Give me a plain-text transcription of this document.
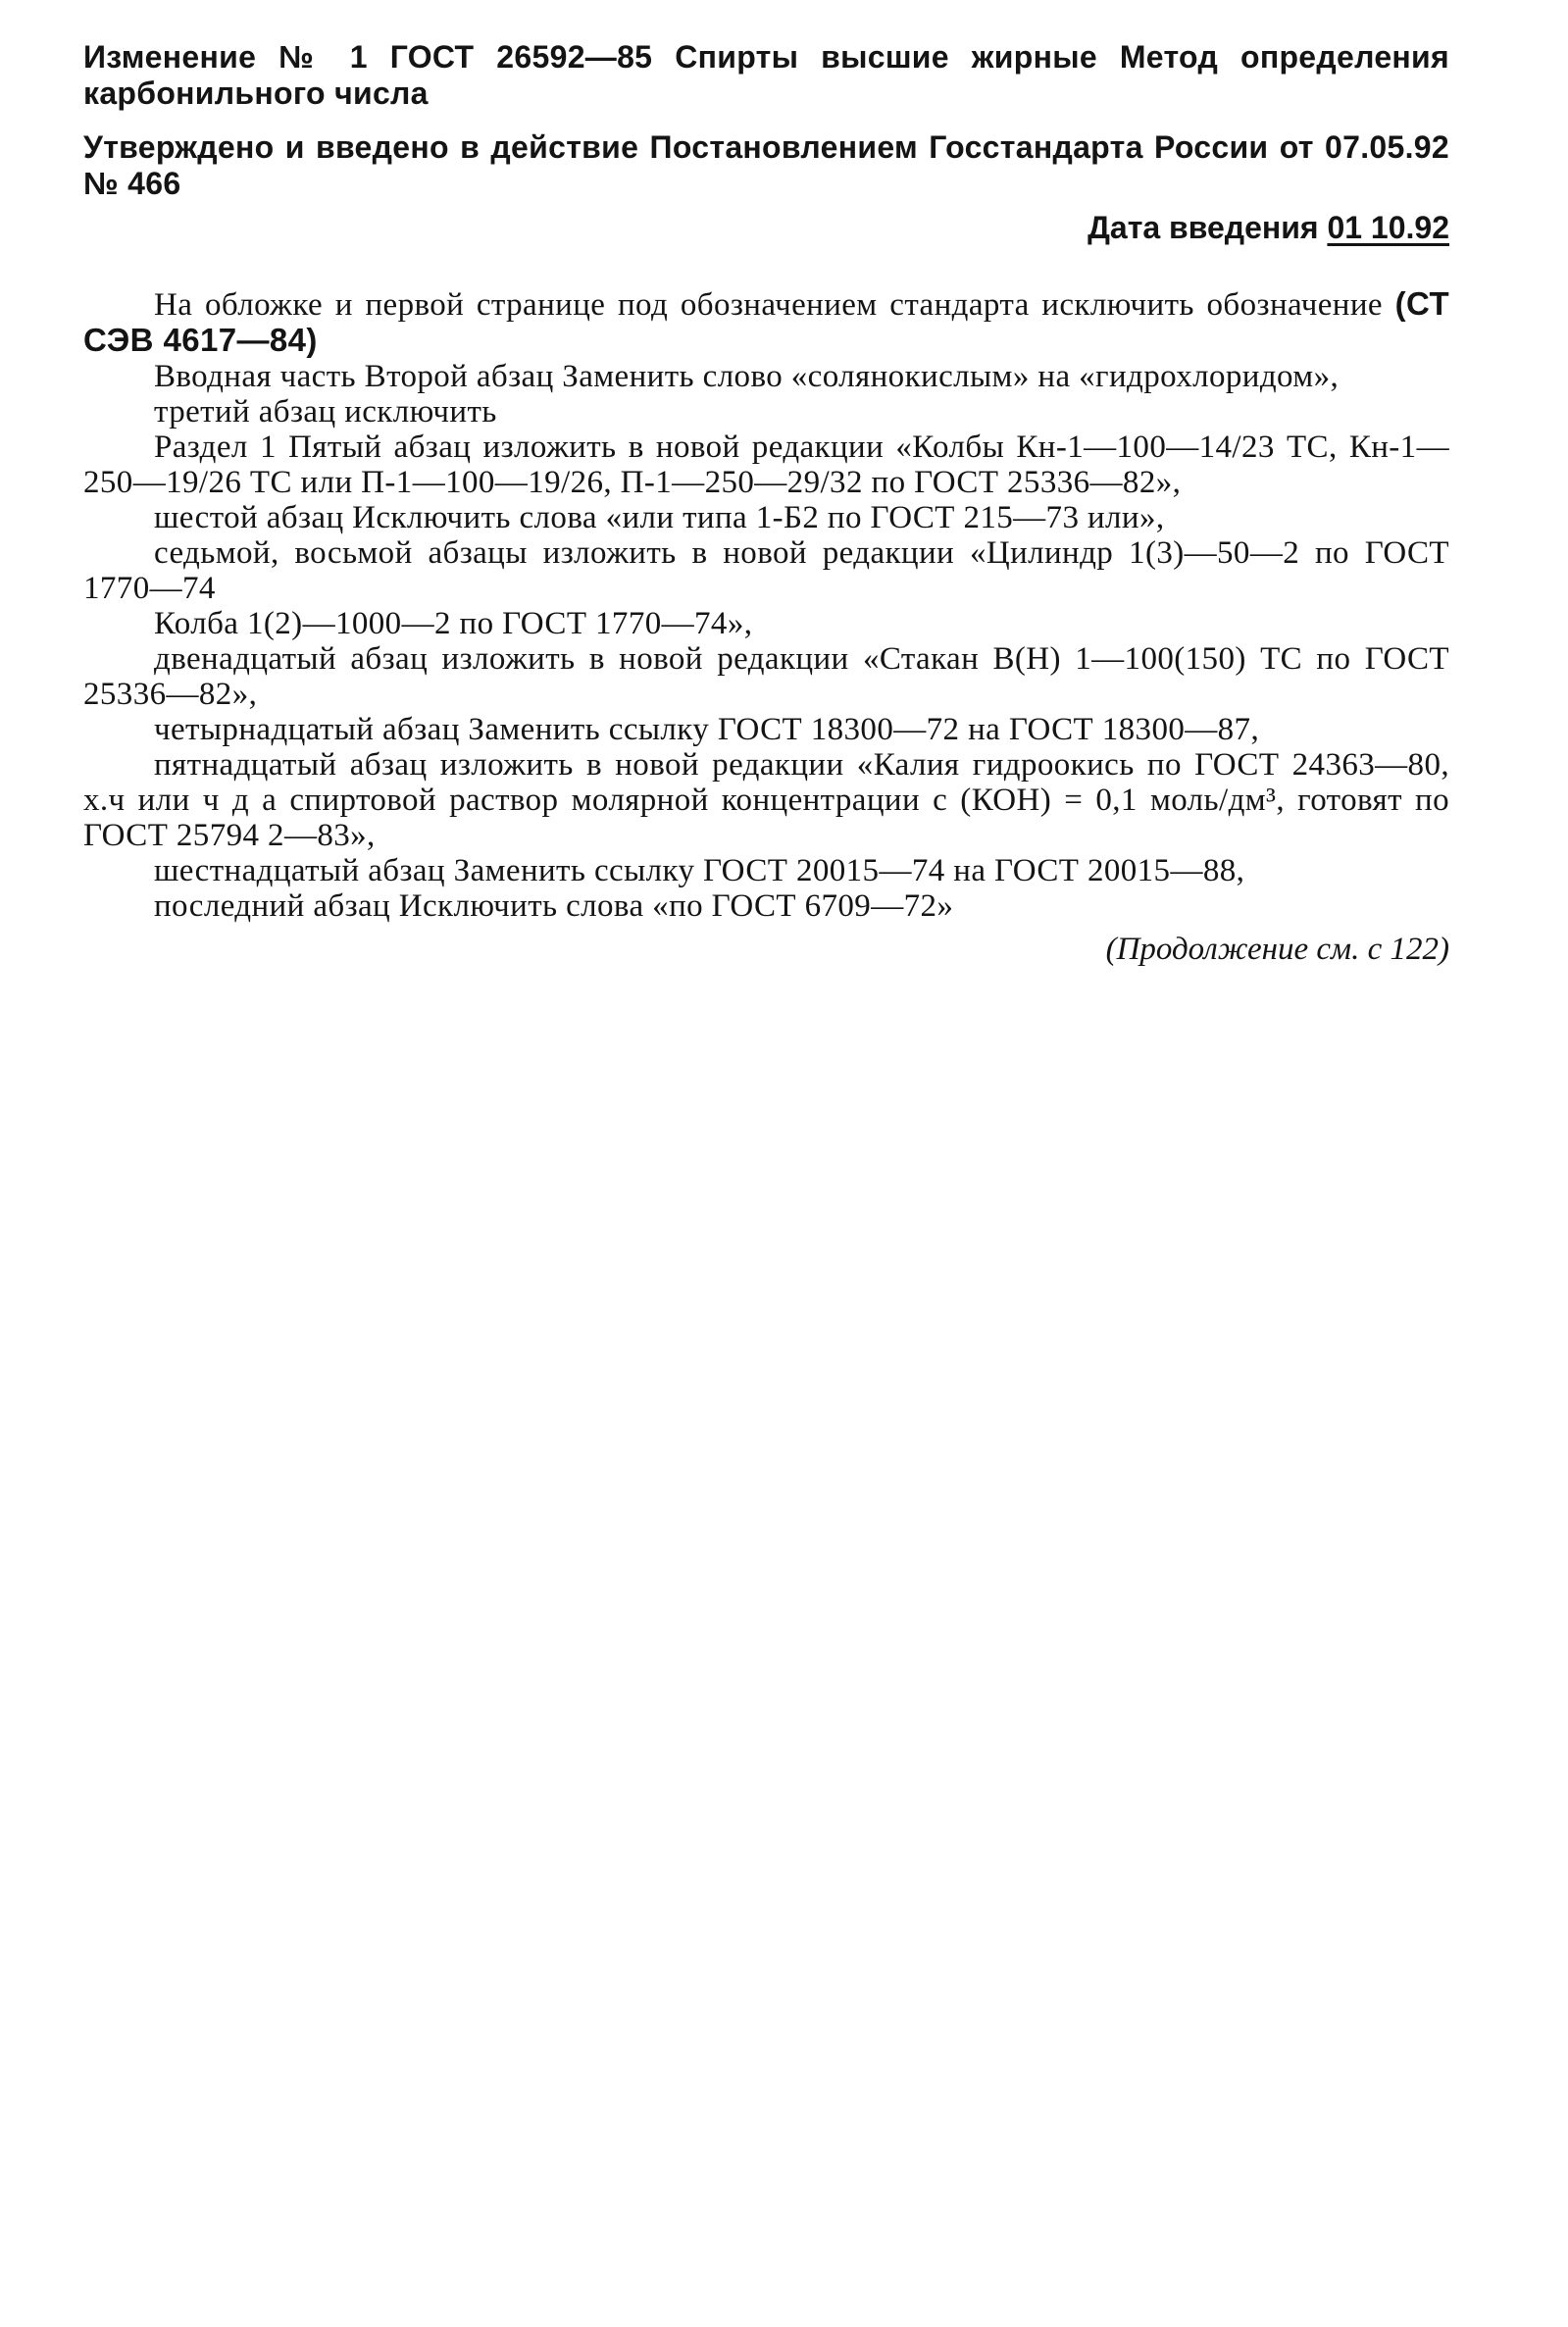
Изменение № 1 ГОСТ 26592—85 Спирты высшие жирные Метод определения карбонильного числа
Утверждено и введено в действие Постановлением Госстандарта России от 07.05.92 № 466
Дата введения 01 10.92

На обложке и первой странице под обозначением стандарта исключить обозначение (СТ СЭВ 4617—84)

Вводная часть Второй абзац Заменить слово «солянокислым» на «гидрохлоридом»,

третий абзац исключить

Раздел 1 Пятый абзац изложить в новой редакции «Колбы Кн-1—100—14/23 ТС, Кн-1—250—19/26 ТС или П-1—100—19/26, П-1—250—29/32 по ГОСТ 25336—82»,

шестой абзац Исключить слова «или типа 1-Б2 по ГОСТ 215—73 или»,

седьмой, восьмой абзацы изложить в новой редакции «Цилиндр 1(3)—50—2 по ГОСТ 1770—74

Колба 1(2)—1000—2 по ГОСТ 1770—74»,

двенадцатый абзац изложить в новой редакции «Стакан В(Н) 1—100(150) ТС по ГОСТ 25336—82»,

четырнадцатый абзац Заменить ссылку ГОСТ 18300—72 на ГОСТ 18300—87,

пятнадцатый абзац изложить в новой редакции «Калия гидроокись по ГОСТ 24363—80, х.ч или ч д а спиртовой раствор молярной концентрации с (КОН) = 0,1 моль/дм³, готовят по ГОСТ 25794 2—83»,

шестнадцатый абзац Заменить ссылку ГОСТ 20015—74 на ГОСТ 20015—88,

последний абзац Исключить слова «по ГОСТ 6709—72»

(Продолжение см. с 122)
